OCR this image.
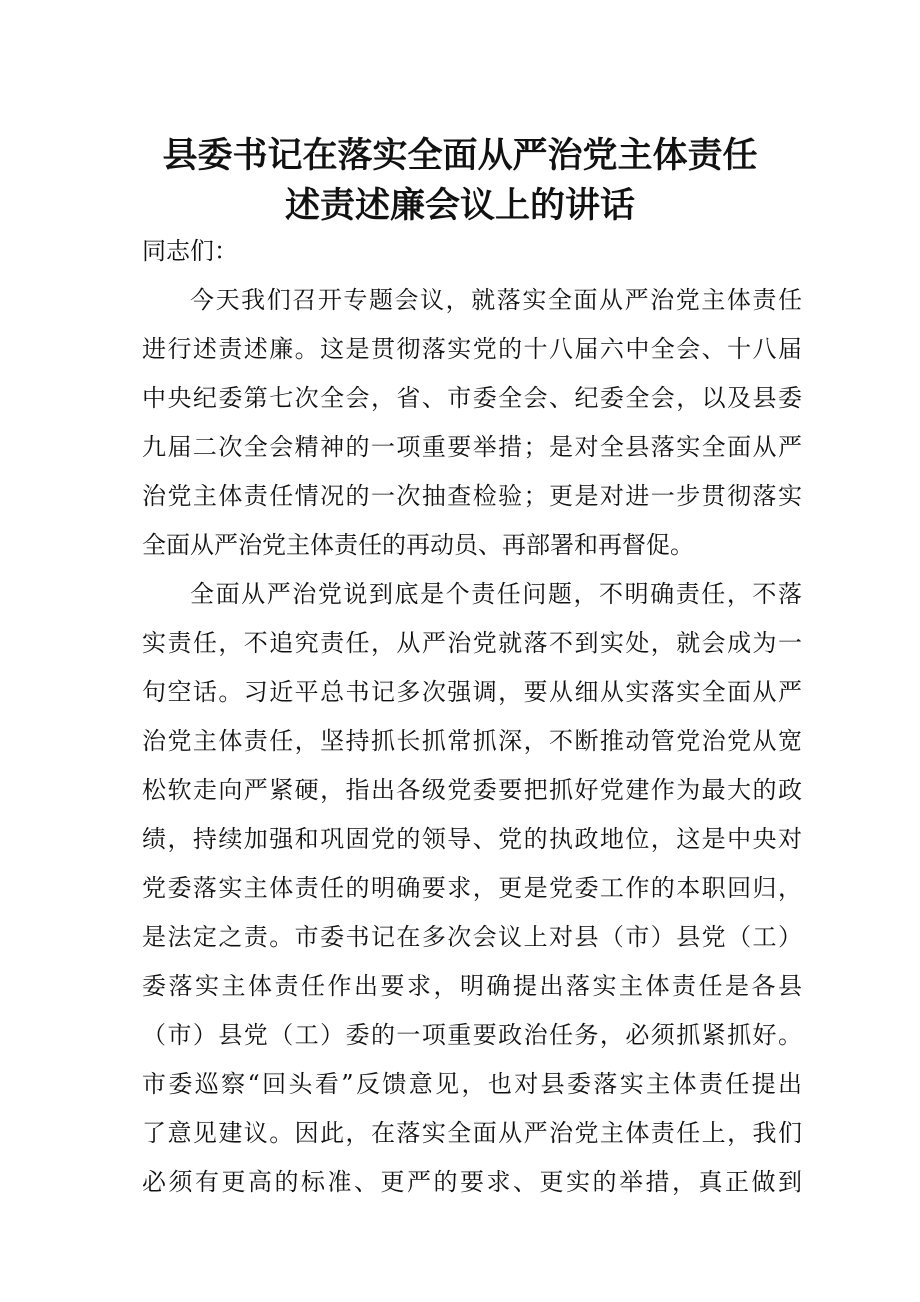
县委书记在落实全面从严治党主体责任
述责述廉会议上的讲话
同志们：
今天我们召开专题会议，就落实全面从严治党主体责任
进行述责述廉。这是贯彻落实党的十八届六中全会、十八届
中央纪委第七次全会，省、市委全会、纪委全会，以及县委
九届二次全会精神的一项重要举措；是对全县落实全面从严
治党主体责任情况的一次抽查检验；更是对进一步贯彻落实
全面从严治党主体责任的再动员、再部署和再督促。
全面从严治党说到底是个责任问题，不明确责任，不落
实责任，不追究责任，从严治党就落不到实处，就会成为一
句空话。习近平总书记多次强调，要从细从实落实全面从严
治党主体责任，坚持抓长抓常抓深，不断推动管党治党从宽
松软走向严紧硬，指出各级党委要把抓好党建作为最大的政
绩，持续加强和巩固党的领导、党的执政地位，这是中央对
党委落实主体责任的明确要求，更是党委工作的本职回归，
是法定之责。市委书记在多次会议上对县（市）县党（工）
委落实主体责任作出要求，明确提出落实主体责任是各县
（市）县党（工）委的一项重要政治任务，必须抓紧抓好。
市委巡察“回头看”反馈意见，也对县委落实主体责任提出
了意见建议。因此，在落实全面从严治党主体责任上，我们
必须有更高的标准、更严的要求、更实的举措，真正做到
